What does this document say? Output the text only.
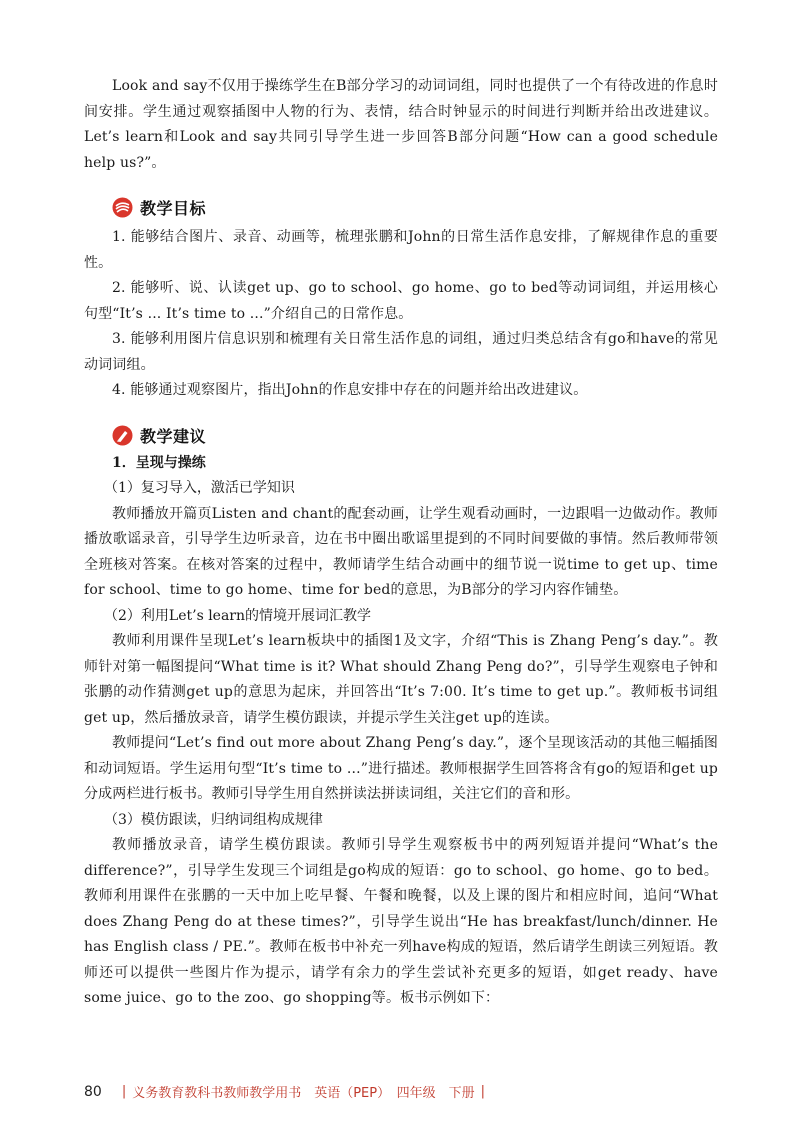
Look and say不仅用于操练学生在B部分学习的动词词组，同时也提供了一个有待改进的作息时间安排。学生通过观察插图中人物的行为、表情，结合时钟显示的时间进行判断并给出改进建议。Let’s learn和Look and say共同引导学生进一步回答B部分问题“How can a good schedule help us?”。

教学目标

1. 能够结合图片、录音、动画等，梳理张鹏和John的日常生活作息安排，了解规律作息的重要性。

2. 能够听、说、认读get up、go to school、go home、go to bed等动词词组，并运用核心句型“It’s ... It’s time to ...”介绍自己的日常作息。

3. 能够利用图片信息识别和梳理有关日常生活作息的词组，通过归类总结含有go和have的常见动词词组。

4. 能够通过观察图片，指出John的作息安排中存在的问题并给出改进建议。

教学建议

1．呈现与操练

（1）复习导入，激活已学知识

教师播放开篇页Listen and chant的配套动画，让学生观看动画时，一边跟唱一边做动作。教师播放歌谣录音，引导学生边听录音，边在书中圈出歌谣里提到的不同时间要做的事情。然后教师带领全班核对答案。在核对答案的过程中，教师请学生结合动画中的细节说一说time to get up、time for school、time to go home、time for bed的意思，为B部分的学习内容作铺垫。

（2）利用Let’s learn的情境开展词汇教学

教师利用课件呈现Let’s learn板块中的插图1及文字，介绍“This is Zhang Peng’s day.”。教师针对第一幅图提问“What time is it? What should Zhang Peng do?”，引导学生观察电子钟和张鹏的动作猜测get up的意思为起床，并回答出“It’s 7:00. It’s time to get up.”。教师板书词组get up，然后播放录音，请学生模仿跟读，并提示学生关注get up的连读。

教师提问“Let’s find out more about Zhang Peng’s day.”，逐个呈现该活动的其他三幅插图和动词短语。学生运用句型“It’s time to ...”进行描述。教师根据学生回答将含有go的短语和get up分成两栏进行板书。教师引导学生用自然拼读法拼读词组，关注它们的音和形。

（3）模仿跟读，归纳词组构成规律

教师播放录音，请学生模仿跟读。教师引导学生观察板书中的两列短语并提问“What’s the difference?”，引导学生发现三个词组是go构成的短语：go to school、go home、go to bed。教师利用课件在张鹏的一天中加上吃早餐、午餐和晚餐，以及上课的图片和相应时间，追问“What does Zhang Peng do at these times?”，引导学生说出“He has breakfast/lunch/dinner. He has English class / PE.”。教师在板书中补充一列have构成的短语，然后请学生朗读三列短语。教师还可以提供一些图片作为提示，请学有余力的学生尝试补充更多的短语，如get ready、have some juice、go to the zoo、go shopping等。板书示例如下：

80 | 义务教育教科书教师教学用书　英语（PEP）　四年级　下册 |
